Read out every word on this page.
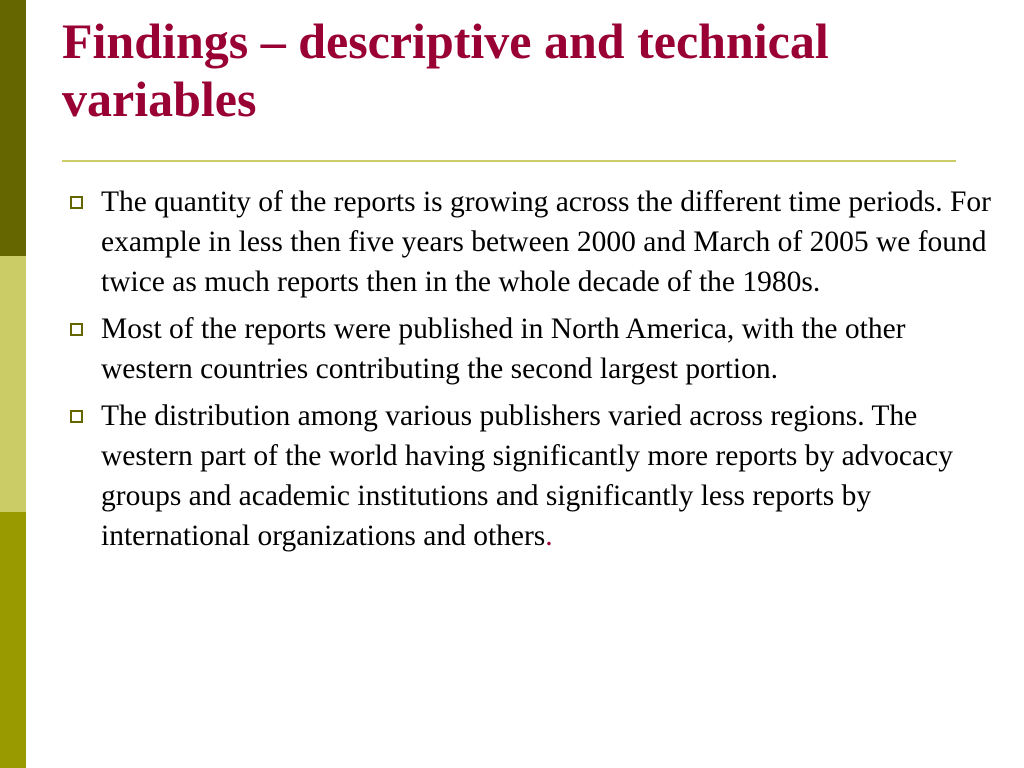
Findings – descriptive and technical variables
The quantity of the reports is growing across the different time periods. For example in less then five years between 2000 and March of 2005 we found twice as much reports then in the whole decade of the 1980s.
Most of the reports were published in North America, with the other western countries contributing the second largest portion.
The distribution among various publishers varied across regions. The western part of the world having significantly more reports by advocacy groups and academic institutions and significantly less reports by international organizations and others.
